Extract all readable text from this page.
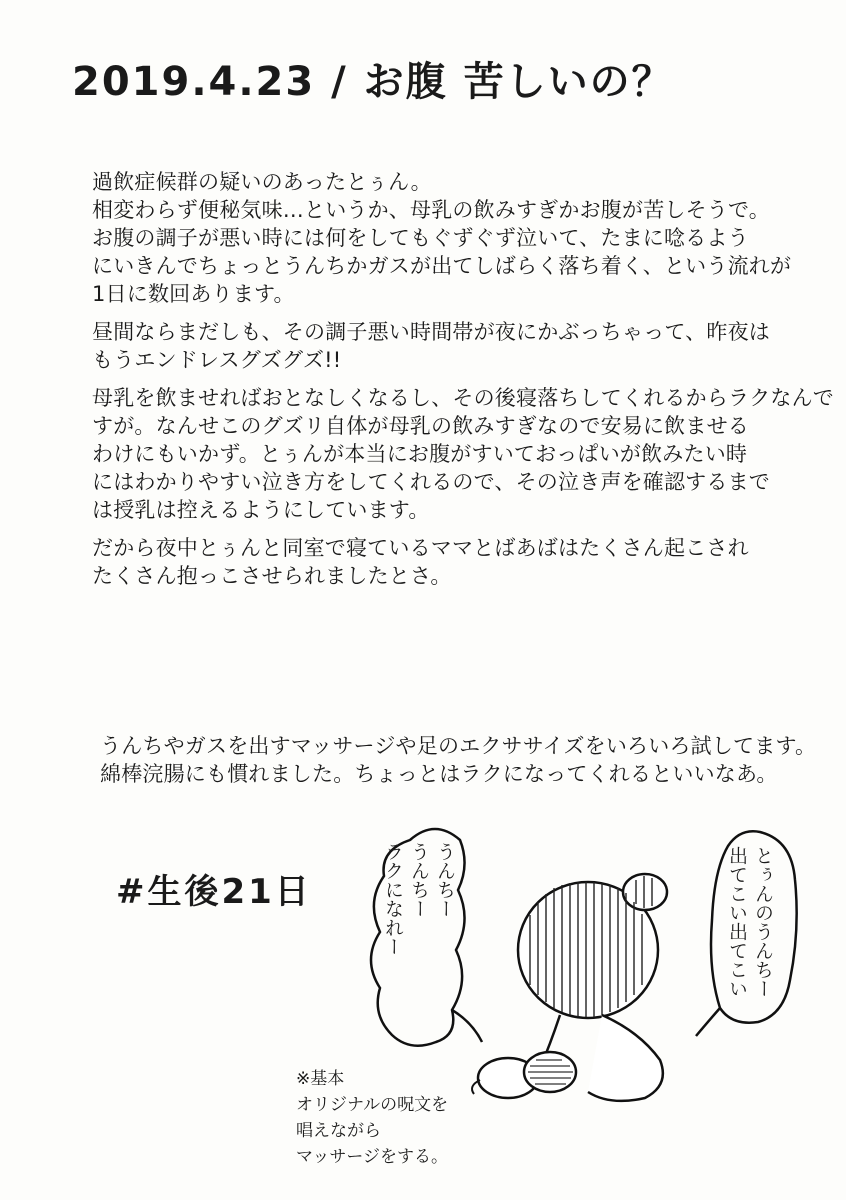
2019.4.23 / お腹 苦しいの？
過飲症候群の疑いのあったとぅん。
相変わらず便秘気味…というか、母乳の飲みすぎかお腹が苦しそうで。
お腹の調子が悪い時には何をしてもぐずぐず泣いて、たまに唸るよう
にいきんでちょっとうんちかガスが出てしばらく落ち着く、という流れが
1日に数回あります。
昼間ならまだしも、その調子悪い時間帯が夜にかぶっちゃって、昨夜は
もうエンドレスグズグズ!!
母乳を飲ませればおとなしくなるし、その後寝落ちしてくれるからラクなんで
すが。なんせこのグズリ自体が母乳の飲みすぎなので安易に飲ませる
わけにもいかず。とぅんが本当にお腹がすいておっぱいが飲みたい時
にはわかりやすい泣き方をしてくれるので、その泣き声を確認するまで
は授乳は控えるようにしています。
だから夜中とぅんと同室で寝ているママとばあばはたくさん起こされ
たくさん抱っこさせられましたとさ。
うんちやガスを出すマッサージや足のエクササイズをいろいろ試してます。
綿棒浣腸にも慣れました。ちょっとはラクになってくれるといいなあ。
#生後21日	うんちー
うんちー
ラクになれー	とぅんのうんちー
出てこい出てこい
※基本
オリジナルの呪文を
唱えながら
マッサージをする。
